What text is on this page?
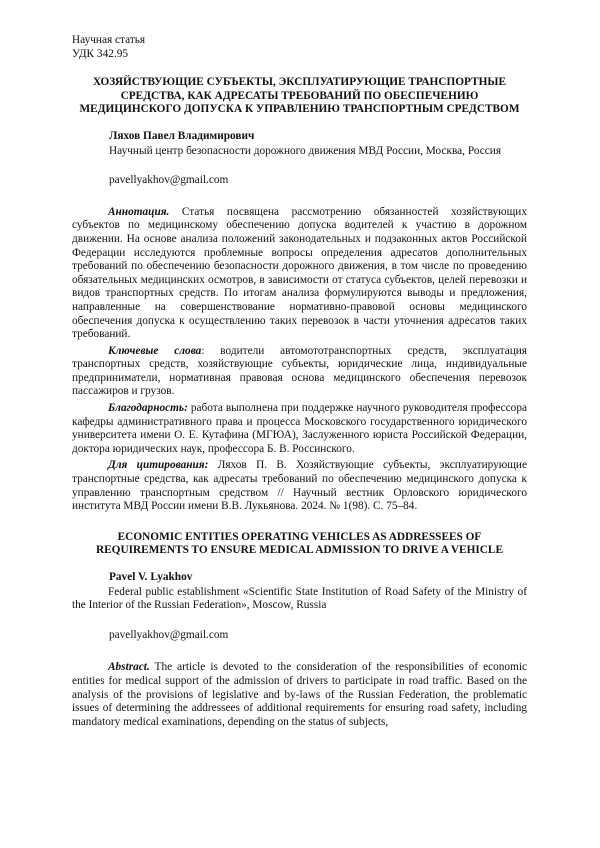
Научная статья

УДК 342.95

ХОЗЯЙСТВУЮЩИЕ СУБЪЕКТЫ, ЭКСПЛУАТИРУЮЩИЕ ТРАНСПОРТНЫЕ СРЕДСТВА, КАК АДРЕСАТЫ ТРЕБОВАНИЙ ПО ОБЕСПЕЧЕНИЮ МЕДИЦИНСКОГО ДОПУСКА К УПРАВЛЕНИЮ ТРАНСПОРТНЫМ СРЕДСТВОМ

Ляхов Павел Владимирович

Научный центр безопасности дорожного движения МВД России, Москва, Россия

pavellyakhov@gmail.com

Аннотация. Статья посвящена рассмотрению обязанностей хозяйствующих субъектов по медицинскому обеспечению допуска водителей к участию в дорожном движении. На основе анализа положений законодательных и подзаконных актов Российской Федерации исследуются проблемные вопросы определения адресатов дополнительных требований по обеспечению безопасности дорожного движения, в том числе по проведению обязательных медицинских осмотров, в зависимости от статуса субъектов, целей перевозки и видов транспортных средств. По итогам анализа формулируются выводы и предложения, направленные на совершенствование нормативно-правовой основы медицинского обеспечения допуска к осуществлению таких перевозок в части уточнения адресатов таких требований.

Ключевые слова: водители автомототранспортных средств, эксплуатация транспортных средств, хозяйствующие субъекты, юридические лица, индивидуальные предприниматели, нормативная правовая основа медицинского обеспечения перевозок пассажиров и грузов.

Благодарность: работа выполнена при поддержке научного руководителя профессора кафедры административного права и процесса Московского государственного юридического университета имени О. Е. Кутафина (МГЮА), Заслуженного юриста Российской Федерации, доктора юридических наук, профессора Б. В. Россинского.

Для цитирования: Ляхов П. В. Хозяйствующие субъекты, эксплуатирующие транспортные средства, как адресаты требований по обеспечению медицинского допуска к управлению транспортным средством // Научный вестник Орловского юридического института МВД России имени В.В. Лукьянова. 2024. № 1(98). С. 75–84.

ECONOMIC ENTITIES OPERATING VEHICLES AS ADDRESSEES OF REQUIREMENTS TO ENSURE MEDICAL ADMISSION TO DRIVE A VEHICLE

Pavel V. Lyakhov

Federal public establishment «Scientific State Institution of Road Safety of the Ministry of the Interior of the Russian Federation», Moscow, Russia

pavellyakhov@gmail.com

Abstract. The article is devoted to the consideration of the responsibilities of economic entities for medical support of the admission of drivers to participate in road traffic. Based on the analysis of the provisions of legislative and by-laws of the Russian Federation, the problematic issues of determining the addressees of additional requirements for ensuring road safety, including mandatory medical examinations, depending on the status of subjects,
